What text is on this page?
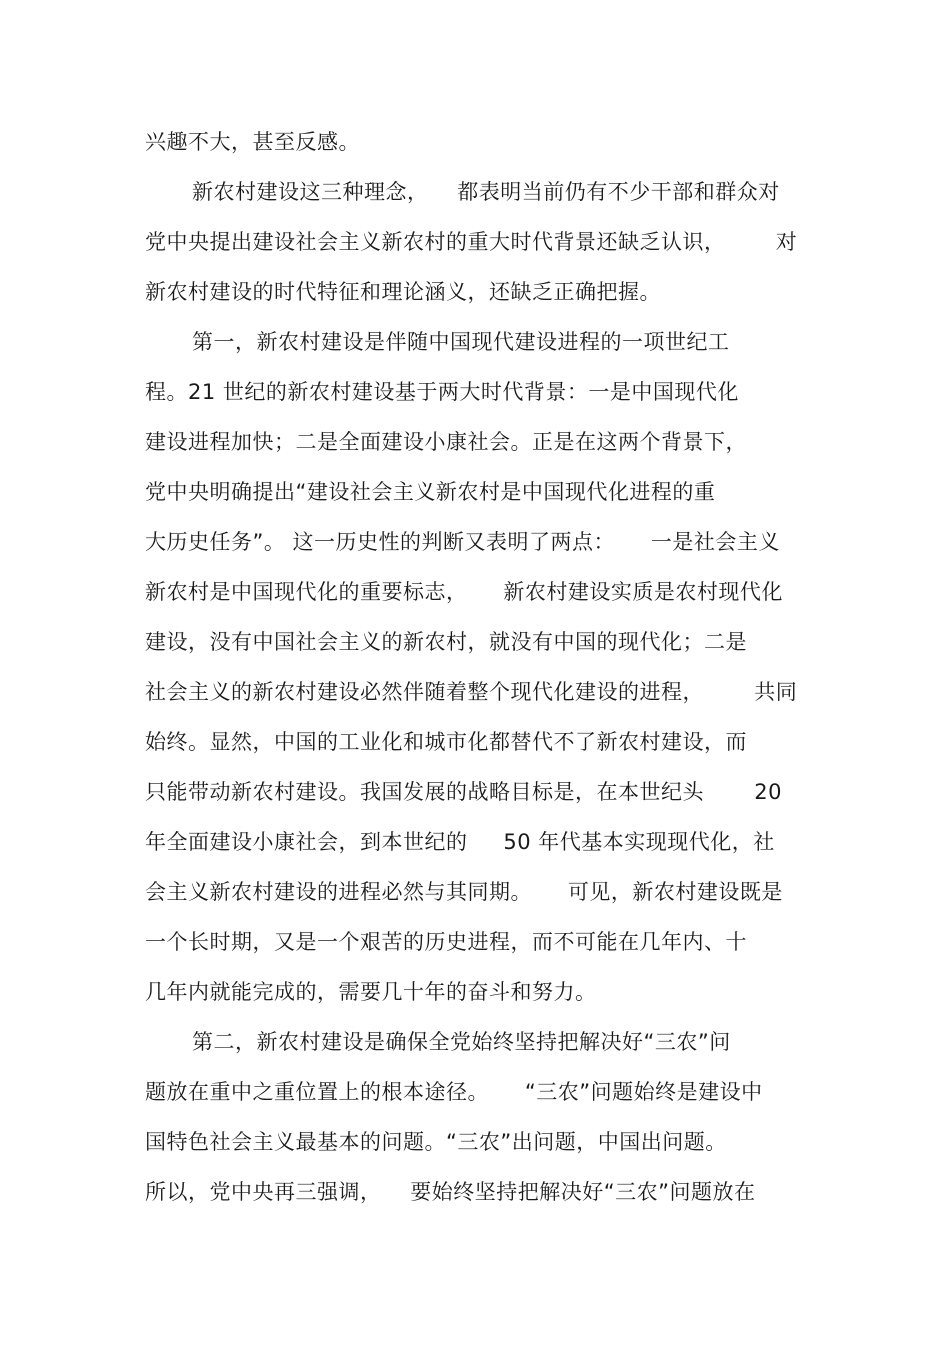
兴趣不大，甚至反感。
新农村建设这三种理念，    都表明当前仍有不少干部和群众对
党中央提出建设社会主义新农村的重大时代背景还缺乏认识，       对
新农村建设的时代特征和理论涵义，还缺乏正确把握。
第一，新农村建设是伴随中国现代建设进程的一项世纪工
程。21 世纪的新农村建设基于两大时代背景：一是中国现代化
建设进程加快；二是全面建设小康社会。正是在这两个背景下，
党中央明确提出“建设社会主义新农村是中国现代化进程的重
大历史任务”。 这一历史性的判断又表明了两点：     一是社会主义
新农村是中国现代化的重要标志，     新农村建设实质是农村现代化
建设，没有中国社会主义的新农村，就没有中国的现代化；二是
社会主义的新农村建设必然伴随着整个现代化建设的进程，       共同
始终。显然，中国的工业化和城市化都替代不了新农村建设，而
只能带动新农村建设。我国发展的战略目标是，在本世纪头       20
年全面建设小康社会，到本世纪的     50 年代基本实现现代化，社
会主义新农村建设的进程必然与其同期。     可见，新农村建设既是
一个长时期，又是一个艰苦的历史进程，而不可能在几年内、十
几年内就能完成的，需要几十年的奋斗和努力。
第二，新农村建设是确保全党始终坚持把解决好“三农”问
题放在重中之重位置上的根本途径。     “三农”问题始终是建设中
国特色社会主义最基本的问题。“三农”出问题，中国出问题。
所以，党中央再三强调，    要始终坚持把解决好“三农”问题放在
